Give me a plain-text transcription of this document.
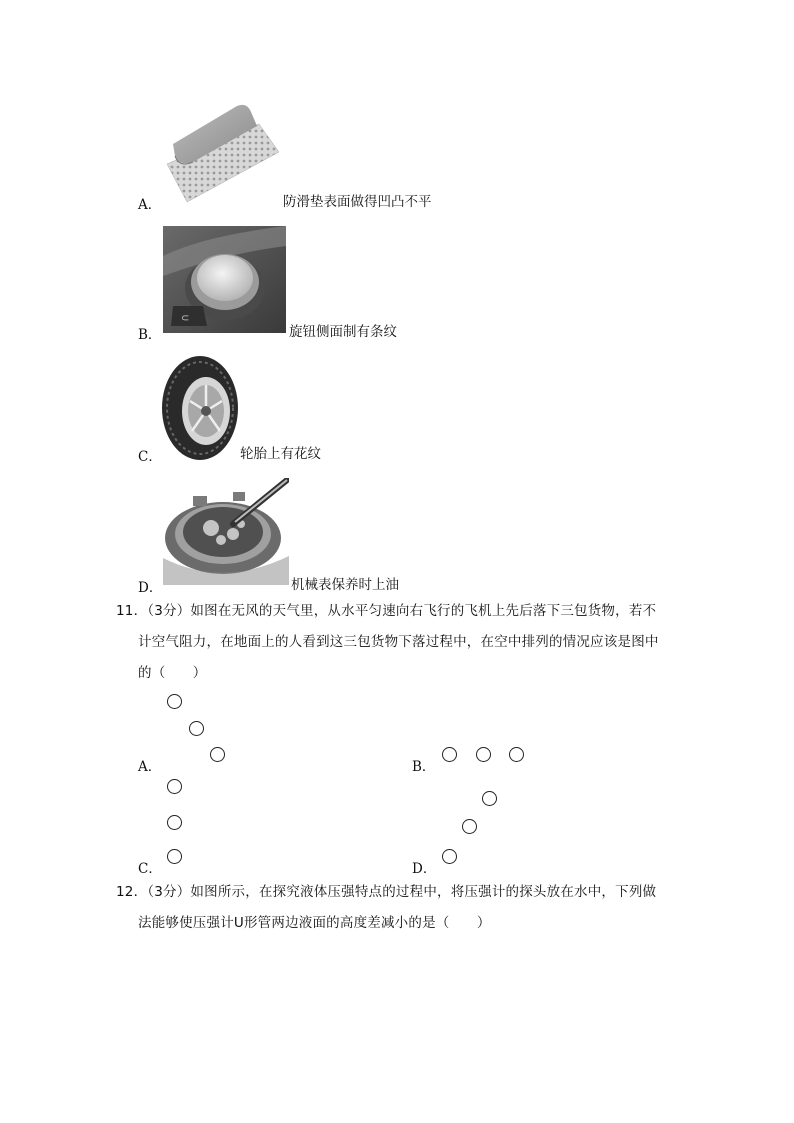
A．	防滑垫表面做得凹凸不平
⊂
B．	旋钮侧面制有条纹
C．	轮胎上有花纹
D．	机械表保养时上油
11．（3分）如图在无风的天气里，从水平匀速向右飞行的飞机上先后落下三包货物，若不
计空气阻力，在地面上的人看到这三包货物下落过程中，在空中排列的情况应该是图中
的（　　）
A．	B．
C．	D．
12．（3分）如图所示，在探究液体压强特点的过程中，将压强计的探头放在水中，下列做
法能够使压强计U形管两边液面的高度差减小的是（　　）
